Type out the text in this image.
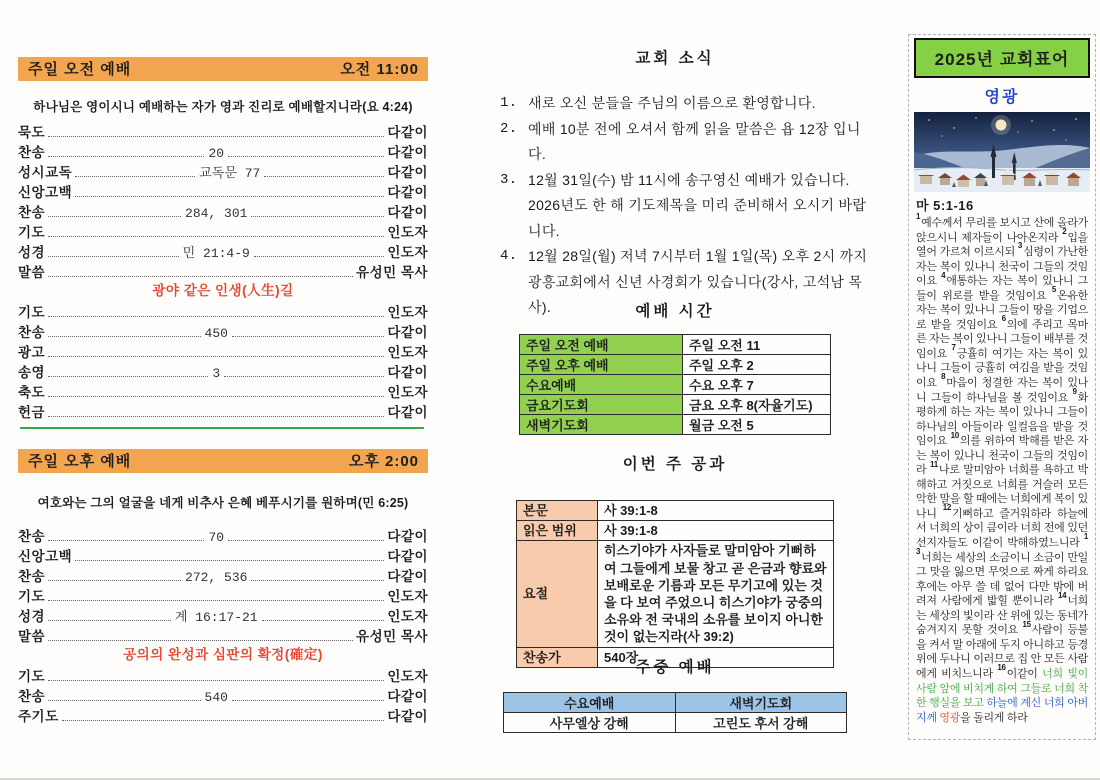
주일 오전 예배	오전 11:00
하나님은 영이시니 예배하는 자가 영과 진리로 예배할지니라(요 4:24)
묵도	다같이
찬송	20	다같이
성시교독	교독문 77	다같이
신앙고백	다같이
찬송	284, 301	다같이
기도	인도자
성경	민 21:4-9	인도자
말씀	유성민 목사
광야 같은 인생(人生)길
기도	인도자
찬송	450	다같이
광고	인도자
송영	3	다같이
축도	인도자
헌금	다같이
주일 오후 예배	오후 2:00
여호와는 그의 얼굴을 네게 비추사 은혜 베푸시기를 원하며(민 6:25)
찬송	70	다같이
신앙고백	다같이
찬송	272, 536	다같이
기도	인도자
성경	계 16:17-21	인도자
말씀	유성민 목사
공의의 완성과 심판의 확정(確定)
기도	인도자
찬송	540	다같이
주기도	다같이
교회 소식
1. 새로 오신 분들을 주님의 이름으로 환영합니다.
2. 예배 10분 전에 오셔서 함께 읽을 말씀은 욥 12장 입니다.
3. 12월 31일(수) 밤 11시에 송구영신 예배가 있습니다. 2026년도 한 해 기도제목을 미리 준비해서 오시기 바랍니다.
4. 12월 28일(월) 저녁 7시부터 1월 1일(목) 오후 2시 까지 광흥교회에서 신년 사경회가 있습니다(강사, 고석남 목사).	예배 시간
주일 오전 예배	주일 오전 11
주일 오후 예배	주일 오후 2
수요예배	수요 오후 7
금요기도회	금요 오후 8(자율기도)
새벽기도회	월금 오전 5
이번 주 공과
본문	사 39:1-8
읽은 범위	사 39:1-8
요절	히스기야가 사자들로 말미암아 기뻐하여 그들에게 보물 창고 곧 은금과 향료와 보배로운 기름과 모든 무기고에 있는 것을 다 보여 주었으니 히스기야가 궁중의 소유와 전 국내의 소유를 보이지 아니한 것이 없는지라(사 39:2)
찬송가	540장
주중 예배
수요예배	새벽기도회
사무엘상 강해	고린도 후서 강해
2025년 교회표어
영광
마 5:1-16
$^1$예수께서 무리를 보시고 산에 올라가 앉으시니 제자들이 나아온지라 $^2$입을 열어 가르쳐 이르시되 $^3$심령이 가난한 자는 복이 있나니 천국이 그들의 것임이요 $^4$애통하는 자는 복이 있나니 그들이 위로를 받을 것임이요 $^5$온유한 자는 복이 있나니 그들이 땅을 기업으로 받을 것임이요 $^6$의에 주리고 목마른 자는 복이 있나니 그들이 배부를 것임이요 $^7$긍휼히 여기는 자는 복이 있나니 그들이 긍휼히 여김을 받을 것임이요 $^8$마음이 청결한 자는 복이 있나니 그들이 하나님을 볼 것임이요 $^9$화평하게 하는 자는 복이 있나니 그들이 하나님의 아들이라 일컬음을 받을 것임이요 $^{10}$의를 위하여 박해를 받은 자는 복이 있나니 천국이 그들의 것임이라 $^{11}$나로 말미암아 너희를 욕하고 박해하고 거짓으로 너희를 거슬러 모든 악한 말을 할 때에는 너희에게 복이 있나니 $^{12}$기뻐하고 즐거워하라 하늘에서 너희의 상이 큼이라 너희 전에 있던 선지자들도 이같이 박해하였느니라 $^{13}$너희는 세상의 소금이니 소금이 만일 그 맛을 잃으면 무엇으로 짜게 하리요 후에는 아무 쓸 데 없어 다만 밖에 버려져 사람에게 밟힐 뿐이니라 $^{14}$너희는 세상의 빛이라 산 위에 있는 동네가 숨겨지지 못할 것이요 $^{15}$사람이 등불을 켜서 말 아래에 두지 아니하고 등경 위에 두나니 이러므로 집 안 모든 사람에게 비치느니라 $^{16}$이같이 너희 빛이 사람 앞에 비치게 하여 그들로 너희 착한 행실을 보고 하늘에 계신 너희 아버지께 영광을 돌리게 하라
